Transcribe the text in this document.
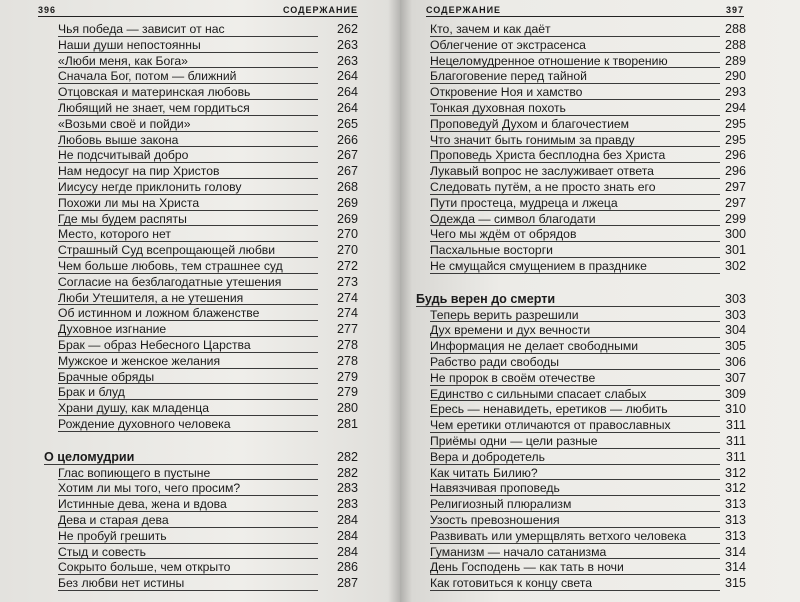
396	СОДЕРЖАНИЕ
Чья победа — зависит от нас	262
Наши души непостоянны	263
«Люби меня, как Бога»	263
Сначала Бог, потом — ближний	264
Отцовская и материнская любовь	264
Любящий не знает, чем гордиться	264
«Возьми своё и пойди»	265
Любовь выше закона	266
Не подсчитывай добро	267
Нам недосуг на пир Христов	267
Иисусу негде приклонить голову	268
Похожи ли мы на Христа	269
Где мы будем распяты	269
Место, которого нет	270
Страшный Суд всепрощающей любви	270
Чем больше любовь, тем страшнее суд	272
Согласие на безблагодатные утешения	273
Люби Утешителя, а не утешения	274
Об истинном и ложном блаженстве	274
Духовное изгнание	277
Брак — образ Небесного Царства	278
Мужское и женское желания	278
Брачные обряды	279
Брак и блуд	279
Храни душу, как младенца	280
Рождение духовного человека	281
О целомудрии	282
Глас вопиющего в пустыне	282
Хотим ли мы того, чего просим?	283
Истинные дева, жена и вдова	283
Дева и старая дева	284
Не пробуй грешить	284
Стыд и совесть	284
Сокрыто больше, чем открыто	286
Без любви нет истины	287
СОДЕРЖАНИЕ	397
Кто, зачем и как даёт	288
Облегчение от экстрасенса	288
Нецеломудренное отношение к творению	289
Благоговение перед тайной	290
Откровение Ноя и хамство	293
Тонкая духовная похоть	294
Проповедуй Духом и благочестием	295
Что значит быть гонимым за правду	295
Проповедь Христа бесплодна без Христа	296
Лукавый вопрос не заслуживает ответа	296
Следовать путём, а не просто знать его	297
Пути простеца, мудреца и лжеца	297
Одежда — символ благодати	299
Чего мы ждём от обрядов	300
Пасхальные восторги	301
Не смущайся смущением в празднике	302
Будь верен до смерти	303
Теперь верить разрешили	303
Дух времени и дух вечности	304
Информация не делает свободными	305
Рабство ради свободы	306
Не пророк в своём отечестве	307
Единство с сильными спасает слабых	309
Ересь — ненавидеть, еретиков — любить	310
Чем еретики отличаются от православных	311
Приёмы одни — цели разные	311
Вера и добродетель	311
Как читать Билию?	312
Навязчивая проповедь	312
Религиозный плюрализм	313
Узость превозношения	313
Развивать или умерщвлять ветхого человека	313
Гуманизм — начало сатанизма	314
День Господень — как тать в ночи	314
Как готовиться к концу света	315
